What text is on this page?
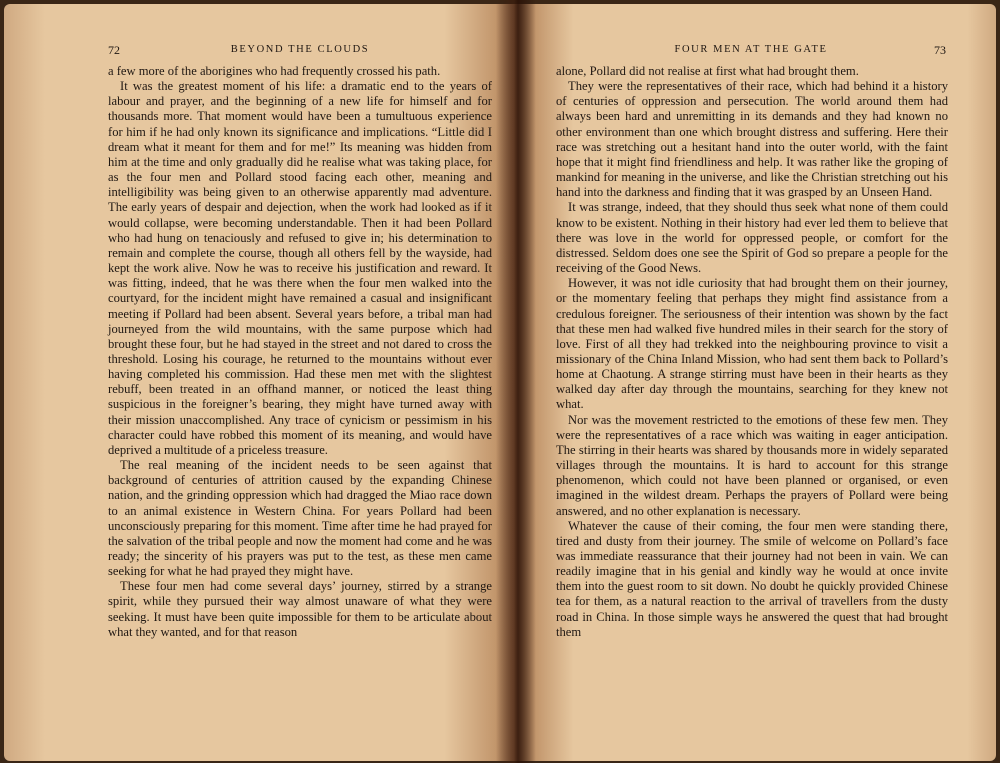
72	BEYOND THE CLOUDS

a few more of the aborigines who had frequently crossed his path.

It was the greatest moment of his life: a dramatic end to the years of labour and prayer, and the beginning of a new life for himself and for thousands more. That moment would have been a tumultuous experience for him if he had only known its significance and implications. “Little did I dream what it meant for them and for me!” Its meaning was hidden from him at the time and only gradually did he realise what was taking place, for as the four men and Pollard stood facing each other, meaning and intelligibility was being given to an otherwise apparently mad adventure. The early years of despair and dejection, when the work had looked as if it would collapse, were becoming understandable. Then it had been Pollard who had hung on tenaciously and refused to give in; his determination to remain and complete the course, though all others fell by the wayside, had kept the work alive. Now he was to receive his justification and reward. It was fitting, indeed, that he was there when the four men walked into the courtyard, for the incident might have remained a casual and insignificant meeting if Pollard had been absent. Several years before, a tribal man had journeyed from the wild mountains, with the same purpose which had brought these four, but he had stayed in the street and not dared to cross the threshold. Losing his courage, he returned to the mountains without ever having completed his commission. Had these men met with the slightest rebuff, been treated in an offhand manner, or noticed the least thing suspicious in the foreigner’s bearing, they might have turned away with their mission unaccomplished. Any trace of cynicism or pessimism in his character could have robbed this moment of its meaning, and would have deprived a multitude of a priceless treasure.

The real meaning of the incident needs to be seen against that background of centuries of attrition caused by the expanding Chinese nation, and the grinding oppression which had dragged the Miao race down to an animal existence in Western China. For years Pollard had been unconsciously preparing for this moment. Time after time he had prayed for the salvation of the tribal people and now the moment had come and he was ready; the sincerity of his prayers was put to the test, as these men came seeking for what he had prayed they might have.

These four men had come several days’ journey, stirred by a strange spirit, while they pursued their way almost unaware of what they were seeking. It must have been quite impossible for them to be articulate about what they wanted, and for that reason

FOUR MEN AT THE GATE	73

alone, Pollard did not realise at first what had brought them.

They were the representatives of their race, which had behind it a history of centuries of oppression and persecution. The world around them had always been hard and unremitting in its demands and they had known no other environment than one which brought distress and suffering. Here their race was stretching out a hesitant hand into the outer world, with the faint hope that it might find friendliness and help. It was rather like the groping of mankind for meaning in the universe, and like the Christian stretching out his hand into the darkness and finding that it was grasped by an Unseen Hand.

It was strange, indeed, that they should thus seek what none of them could know to be existent. Nothing in their history had ever led them to believe that there was love in the world for oppressed people, or comfort for the distressed. Seldom does one see the Spirit of God so prepare a people for the receiving of the Good News.

However, it was not idle curiosity that had brought them on their journey, or the momentary feeling that perhaps they might find assistance from a credulous foreigner. The seriousness of their intention was shown by the fact that these men had walked five hundred miles in their search for the story of love. First of all they had trekked into the neighbouring province to visit a missionary of the China Inland Mission, who had sent them back to Pollard’s home at Chaotung. A strange stirring must have been in their hearts as they walked day after day through the mountains, searching for they knew not what.

Nor was the movement restricted to the emotions of these few men. They were the representatives of a race which was waiting in eager anticipation. The stirring in their hearts was shared by thousands more in widely separated villages through the mountains. It is hard to account for this strange phenomenon, which could not have been planned or organised, or even imagined in the wildest dream. Perhaps the prayers of Pollard were being answered, and no other explanation is necessary.

Whatever the cause of their coming, the four men were standing there, tired and dusty from their journey. The smile of welcome on Pollard’s face was immediate reassurance that their journey had not been in vain. We can readily imagine that in his genial and kindly way he would at once invite them into the guest room to sit down. No doubt he quickly provided Chinese tea for them, as a natural reaction to the arrival of travellers from the dusty road in China. In those simple ways he answered the quest that had brought them
